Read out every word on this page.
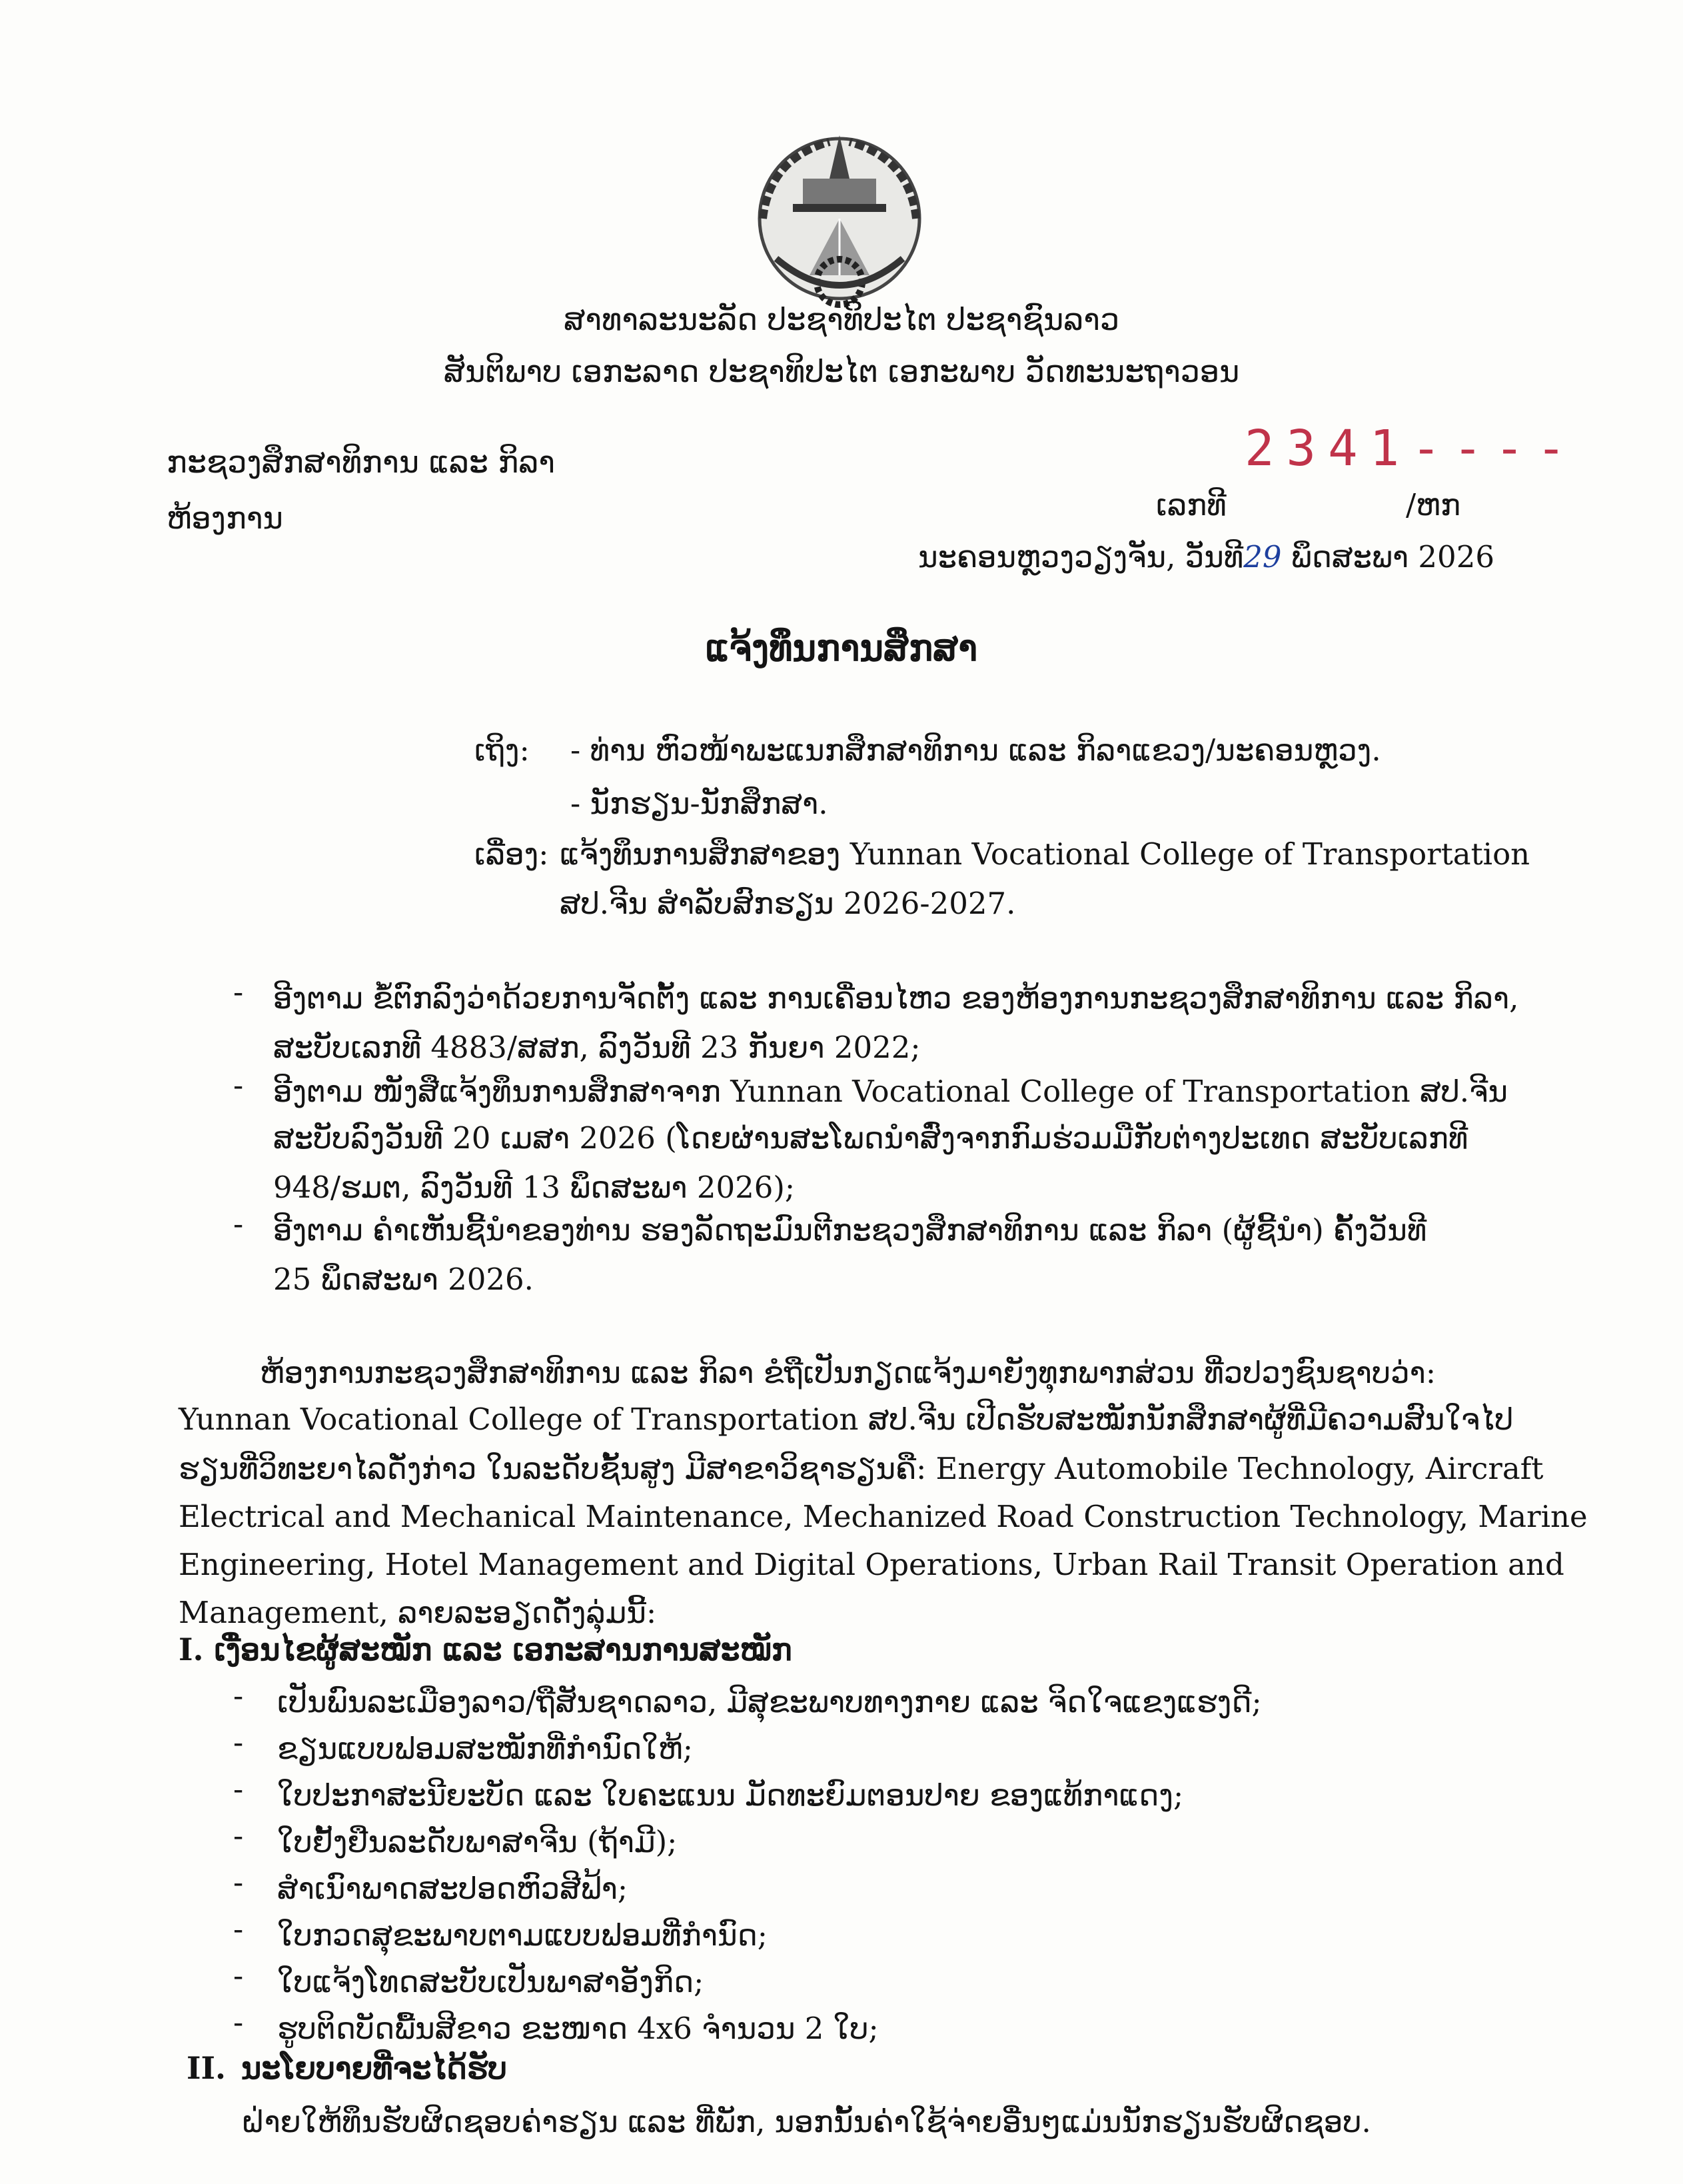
ສາທາລະນະລັດ ປະຊາທິປະໄຕ ປະຊາຊົນລາວ
ສັນຕິພາບ ເອກະລາດ ປະຊາທິປະໄຕ ເອກະພາບ ວັດທະນະຖາວອນ
ກະຊວງສຶກສາທິການ ແລະ ກິລາ
ຫ້ອງການ
2341----
ເລກທີ	/ຫກ
ນະຄອນຫຼວງວຽງຈັນ, ວັນທີ29 ພຶດສະພາ 2026
ແຈ້ງທຶນການສຶກສາ
ເຖິງ: - ທ່ານ ຫົວໜ້າພະແນກສຶກສາທິການ ແລະ ກິລາແຂວງ/ນະຄອນຫຼວງ.
- ນັກຮຽນ-ນັກສຶກສາ.
ເລື່ອງ: ແຈ້ງທຶນການສຶກສາຂອງ Yunnan Vocational College of Transportation
ສປ.ຈີນ ສຳລັບສົກຮຽນ 2026-2027.
- ອີງຕາມ ຂໍ້ຕົກລົງວ່າດ້ວຍການຈັດຕັ້ງ ແລະ ການເຄື່ອນໄຫວ ຂອງຫ້ອງການກະຊວງສຶກສາທິການ ແລະ ກິລາ,
ສະບັບເລກທີ 4883/ສສກ, ລົງວັນທີ 23 ກັນຍາ 2022;
- ອີງຕາມ ໜັງສືແຈ້ງທຶນການສຶກສາຈາກ Yunnan Vocational College of Transportation ສປ.ຈີນ
ສະບັບລົງວັນທີ 20 ເມສາ 2026 (ໂດຍຜ່ານສະໂພດນຳສົ່ງຈາກກົມຮ່ວມມືກັບຕ່າງປະເທດ ສະບັບເລກທີ
948/ຮມຕ, ລົງວັນທີ 13 ພຶດສະພາ 2026);
- ອີງຕາມ ຄຳເຫັນຊີ້ນຳຂອງທ່ານ ຮອງລັດຖະມົນຕີກະຊວງສຶກສາທິການ ແລະ ກິລາ (ຜູ້ຊີ້ນຳ) ຄັ້ງວັນທີ
25 ພຶດສະພາ 2026.
ຫ້ອງການກະຊວງສຶກສາທິການ ແລະ ກິລາ ຂໍຖືເປັນກຽດແຈ້ງມາຍັງທຸກພາກສ່ວນ ທີ່ວປວງຊົນຊາບວ່າ:
Yunnan Vocational College of Transportation ສປ.ຈີນ ເປີດຮັບສະໝັກນັກສຶກສາຜູ້ທີ່ມີຄວາມສົນໃຈໄປ
ຮຽນທີ່ວິທະຍາໄລດັ່ງກ່າວ ໃນລະດັບຊັ້ນສູງ ມີສາຂາວິຊາຮຽນຄື: Energy Automobile Technology, Aircraft
Electrical and Mechanical Maintenance, Mechanized Road Construction Technology, Marine
Engineering, Hotel Management and Digital Operations, Urban Rail Transit Operation and
Management, ລາຍລະອຽດດັ່ງລຸ່ມນີ້:
I. ເງື່ອນໄຂຜູ້ສະໝັກ ແລະ ເອກະສານການສະໝັກ
- ເປັນພົນລະເມືອງລາວ/ຖືສັນຊາດລາວ, ມີສຸຂະພາບທາງກາຍ ແລະ ຈິດໃຈແຂງແຮງດີ;
- ຂຽນແບບຟອມສະໝັກທີ່ກຳນົດໃຫ້;
- ໃບປະກາສະນີຍະບັດ ແລະ ໃບຄະແນນ ມັດທະຍົມຕອນປາຍ ຂອງແທ້ກາແດງ;
- ໃບຢັ້ງຢືນລະດັບພາສາຈີນ (ຖ້າມີ);
- ສຳເນົາພາດສະປອດຫົວສີຟ້າ;
- ໃບກວດສຸຂະພາບຕາມແບບຟອມທີ່ກຳນົດ;
- ໃບແຈ້ງໂທດສະບັບເປັນພາສາອັງກິດ;
- ຮູບຕິດບັດພື້ນສີຂາວ ຂະໜາດ 4x6 ຈຳນວນ 2 ໃບ;
II. ນະໂຍບາຍທີ່ຈະໄດ້ຮັບ
ຝ່າຍໃຫ້ທຶນຮັບຜິດຊອບຄ່າຮຽນ ແລະ ທີ່ພັກ, ນອກນັ້ນຄ່າໃຊ້ຈ່າຍອື່ນໆແມ່ນນັກຮຽນຮັບຜິດຊອບ.
